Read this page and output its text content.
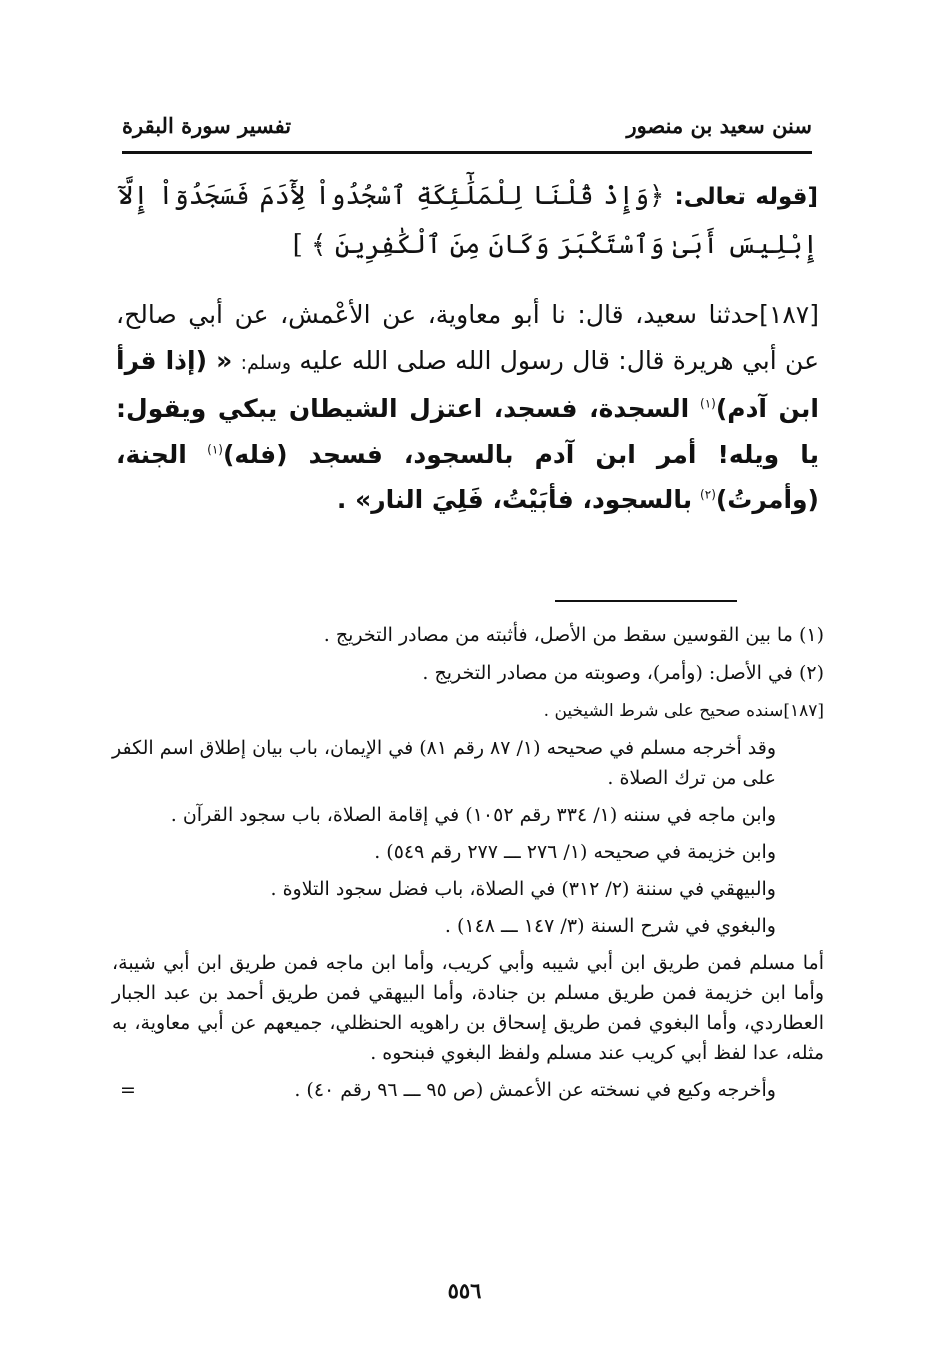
سنن سعيد بن منصور
تفسير سورة البقرة
[قوله تعالى: ﴿وَإِذْ قُلْنَا لِلْمَلَٰٓئِكَةِ ٱسْجُدُواْ لِأٓدَمَ فَسَجَدُوٓاْ إِلَّآ إِبْلِيسَ أَبَىٰ وَٱسْتَكْبَرَ وَكَانَ مِنَ ٱلْكَٰفِرِينَ ﴾ ]
[١٨٧]حدثنا سعيد، قال: نا أبو معاوية، عن الأعْمش، عن أبي صالح، عن أبي هريرة قال: قال رسول الله صلى الله عليه وسلم: « (إذا قرأ ابن آدم)$^{(١)}$ السجدة، فسجد، اعتزل الشيطان يبكي ويقول: يا ويله! أمر ابن آدم بالسجود، فسجد (فله)$^{(١)}$ الجنة، (وأمرتُ)$^{(٢)}$ بالسجود، فأبَيْتُ، فَلِيَ النار» .
(١) ما بين القوسين سقط من الأصل، فأثبته من مصادر التخريج .
(٢) في الأصل: (وأمر)، وصوبته من مصادر التخريج .
[١٨٧]سنده صحيح على شرط الشيخين .
وقد أخرجه مسلم في صحيحه (١/ ٨٧ رقم ٨١) في الإيمان، باب بيان إطلاق اسم الكفر على من ترك الصلاة .
وابن ماجه في سننه (١/ ٣٣٤ رقم ١٠٥٢) في إقامة الصلاة، باب سجود القرآن .
وابن خزيمة في صحيحه (١/ ٢٧٦ ـــ ٢٧٧ رقم ٥٤٩) .
والبيهقي في سننة (٢/ ٣١٢) في الصلاة، باب فضل سجود التلاوة .
والبغوي في شرح السنة (٣/ ١٤٧ ـــ ١٤٨) .
أما مسلم فمن طريق ابن أبي شيبه وأبي كريب، وأما ابن ماجه فمن طريق ابن أبي شيبة، وأما ابن خزيمة فمن طريق مسلم بن جنادة، وأما البيهقي فمن طريق أحمد بن عبد الجبار العطاردي، وأما البغوي فمن طريق إسحاق بن راهويه الحنظلي، جميعهم عن أبي معاوية، به مثله، عدا لفظ أبي كريب عند مسلم ولفظ البغوي فبنحوه .
وأخرجه وكيع في نسخته عن الأعمش (ص ٩٥ ـــ ٩٦ رقم ٤٠) .
=
٥٥٦
